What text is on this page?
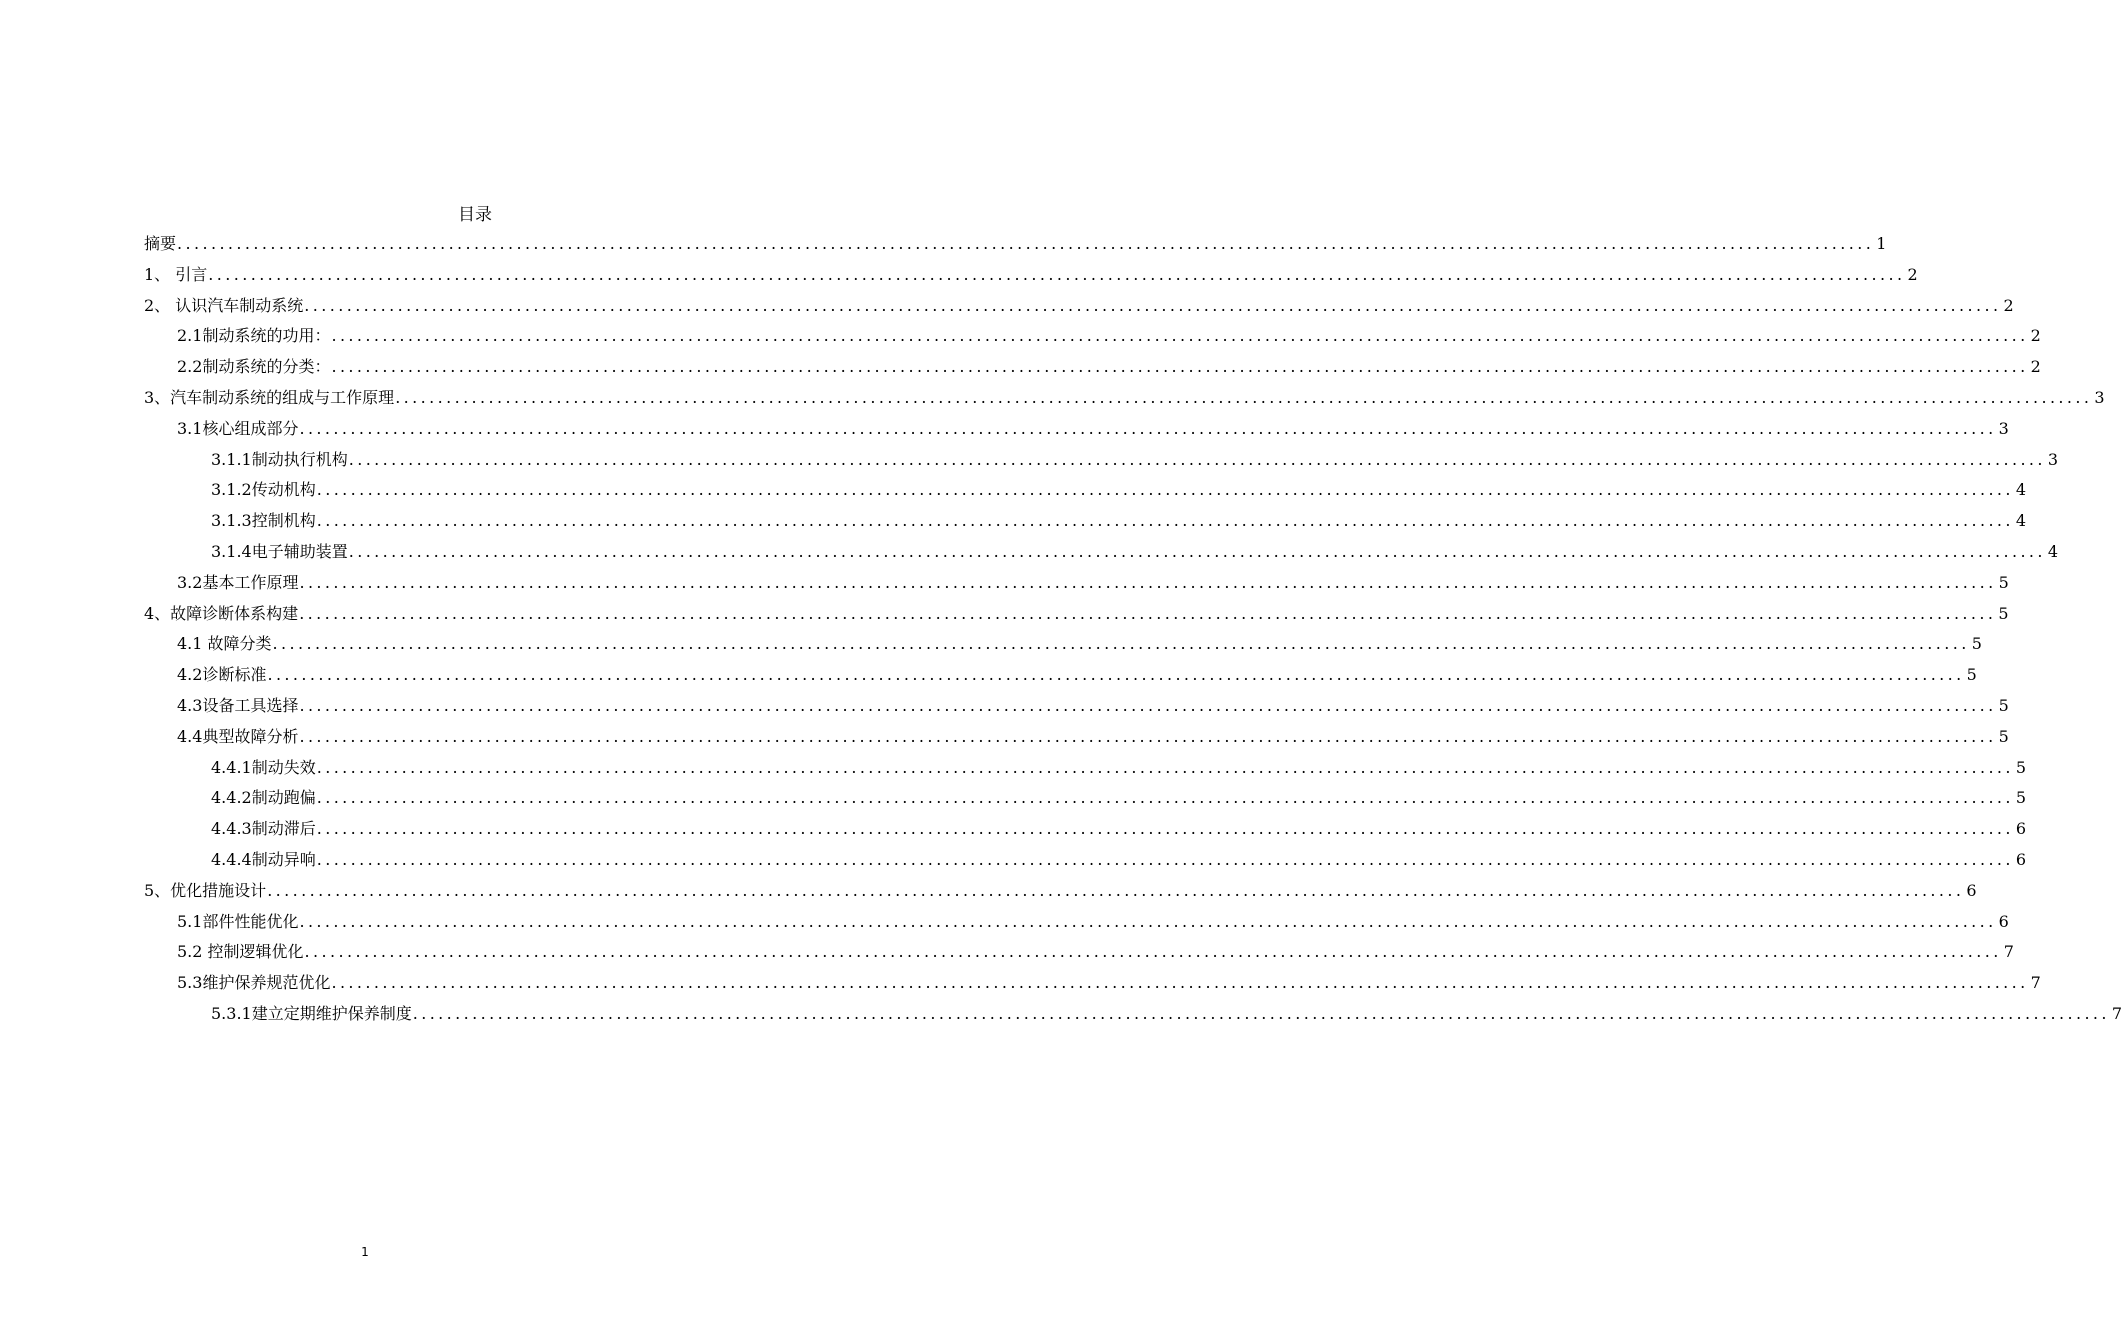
目录
摘要 ........................................................................................................................................................................................................ 1
1、 引言 ........................................................................................................................................................................................................ 2
2、 认识汽车制动系统 ........................................................................................................................................................................................................ 2
2.1制动系统的功用： ........................................................................................................................................................................................................ 2
2.2制动系统的分类： ........................................................................................................................................................................................................ 2
3、汽车制动系统的组成与工作原理 ........................................................................................................................................................................................................ 3
3.1核心组成部分 ........................................................................................................................................................................................................ 3
3.1.1制动执行机构 ........................................................................................................................................................................................................ 3
3.1.2传动机构 ........................................................................................................................................................................................................ 4
3.1.3控制机构 ........................................................................................................................................................................................................ 4
3.1.4电子辅助装置 ........................................................................................................................................................................................................ 4
3.2基本工作原理 ........................................................................................................................................................................................................ 5
4、故障诊断体系构建 ........................................................................................................................................................................................................ 5
4.1 故障分类 ........................................................................................................................................................................................................ 5
4.2诊断标准 ........................................................................................................................................................................................................ 5
4.3设备工具选择 ........................................................................................................................................................................................................ 5
4.4典型故障分析 ........................................................................................................................................................................................................ 5
4.4.1制动失效 ........................................................................................................................................................................................................ 5
4.4.2制动跑偏 ........................................................................................................................................................................................................ 5
4.4.3制动滞后 ........................................................................................................................................................................................................ 6
4.4.4制动异响 ........................................................................................................................................................................................................ 6
5、优化措施设计 ........................................................................................................................................................................................................ 6
5.1部件性能优化 ........................................................................................................................................................................................................ 6
5.2 控制逻辑优化 ........................................................................................................................................................................................................ 7
5.3维护保养规范优化 ........................................................................................................................................................................................................ 7
5.3.1建立定期维护保养制度 ........................................................................................................................................................................................................ 7
1
